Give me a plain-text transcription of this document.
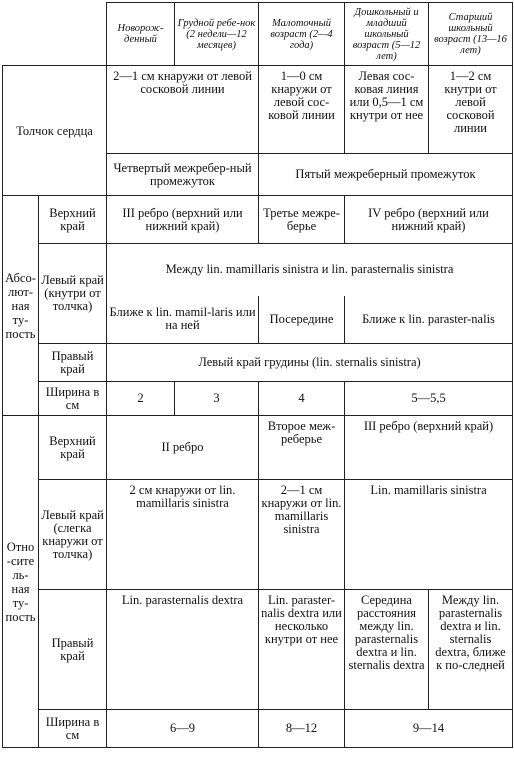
		Новорож-денный	Грудной ребе-нок (2 недели—12 месяцев)	Малоточный возраст (2—4 года)	Дошкольный и младший школьный возраст (5—12 лет)	Старший школьный возраст (13—16 лет)
Толчок сердца		2—1 см кнаружи от левой сосковой линии		1—0 см кнаружи от левой сос-ковой линии	Левая сос-ковая линия или 0,5—1 см кнутри от нее	1—2 см кнутри от левой сосковой линии
		Четвертый межребер-ный промежуток		Пятый межреберный промежуток		
Абсо-лют-ная ту-пость	Верхний край	III ребро (верхний или нижний край)		Третье межре-берье	IV ребро (верхний или нижний край)	
	Левый край (кнутри от толчка)	Между lin. mamillaris sinistra и lin. parasternalis sinistra				
		Ближе к lin. mamil-laris или на ней		Посередине	Ближе к lin. paraster-nalis	
	Правый край	Левый край грудины (lin. sternalis sinistra)				
	Ширина в см	2	3	4	5—5,5	
Отно-ситель-ная ту-пость	Верхний край	II ребро		Второе меж-реберье	III ребро (верхний край)	
	Левый край (слегка кнаружи от толчка)	2 см кнаружи от lin. mamillaris sinistra		2—1 см кнаружи от lin. mamillaris sinistra	Lin. mamillaris sinistra	
	Правый край	Lin. parasternalis dextra		Lin. paraster-nalis dextra или несколько кнутри от нее	Середина расстояния между lin. parasternalis dextra и lin. sternalis dextra	Между lin. parasternalis dextra и lin. sternalis dextra, ближе к по-следней
	Ширина в см	6—9		8—12	9—14	
